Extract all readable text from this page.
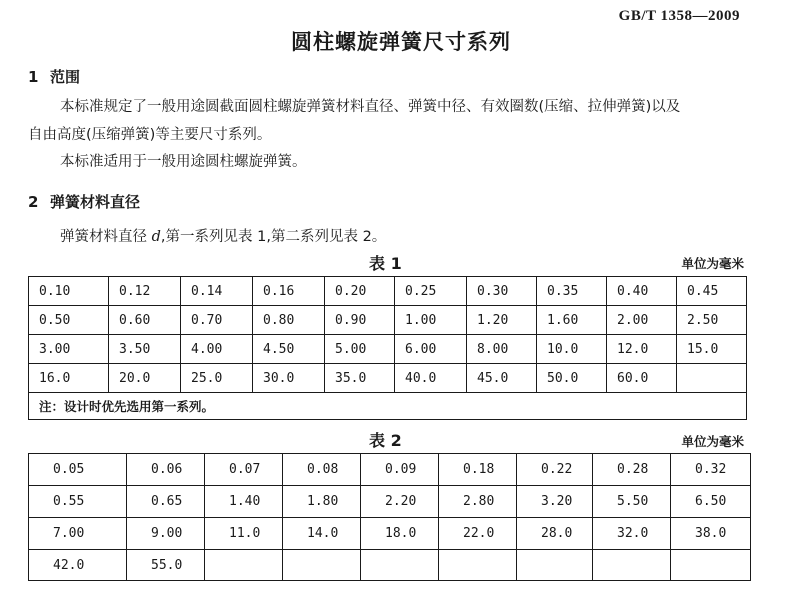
GB/T 1358—2009
圆柱螺旋弹簧尺寸系列
1 范围
本标准规定了一般用途圆截面圆柱螺旋弹簧材料直径、弹簧中径、有效圈数(压缩、拉伸弹簧)以及
自由高度(压缩弹簧)等主要尺寸系列。
本标准适用于一般用途圆柱螺旋弹簧。
2 弹簧材料直径
弹簧材料直径 d,第一系列见表 1,第二系列见表 2。
表 1	单位为毫米
0.10	0.12	0.14	0.16	0.20	0.25	0.30	0.35	0.40	0.45
0.50	0.60	0.70	0.80	0.90	1.00	1.20	1.60	2.00	2.50
3.00	3.50	4.00	4.50	5.00	6.00	8.00	10.0	12.0	15.0
16.0	20.0	25.0	30.0	35.0	40.0	45.0	50.0	60.0	
注：设计时优先选用第一系列。									
表 2	单位为毫米
0.05	0.06	0.07	0.08	0.09	0.18	0.22	0.28	0.32
0.55	0.65	1.40	1.80	2.20	2.80	3.20	5.50	6.50
7.00	9.00	11.0	14.0	18.0	22.0	28.0	32.0	38.0
42.0	55.0							
